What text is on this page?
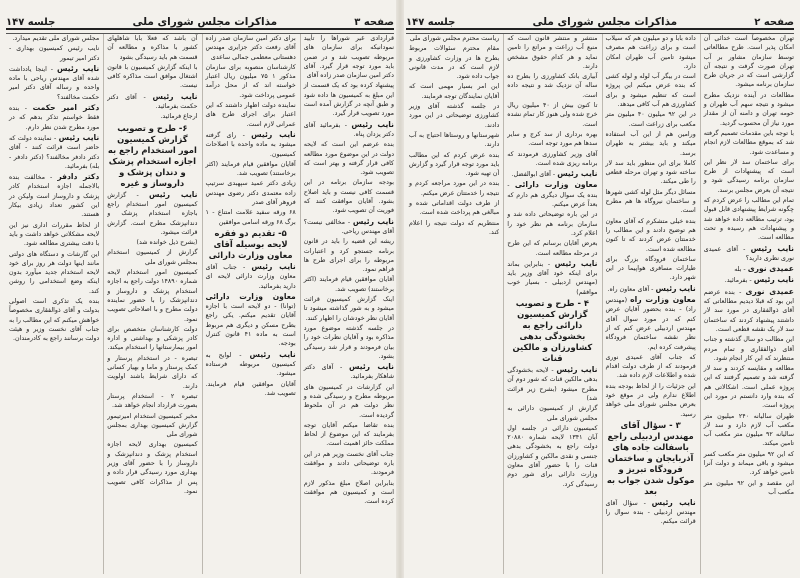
صفحه ۳
مذاکرات مجلس شورای ملی
جلسه ۱۴۷

قراردادی غیر شوراها را تأیید نمودانیکه برای سازمان های مربوطه تصویب شد و در ضمن باید مورد توجه قرار گیرد. آقای دکتر امین سازمان صدر زاده آقای

پیشنهاد کرده بود که یک قسمت از این مبلغ به کمیسیون ها داده شود و طبق آنچه در گزارش آمده است مورد تصویب قرار گیرد.

نایب رئیس - بفرمائید آقای دکتر یزدان پناه.

بنده عرضم این است که لایحه دولت در این موضوع مورد مطالعه کافی قرار گرفته و بهتر است که تصویب شود.

بودجه سازمان برنامه در این قسمت کافی نیست و باید اصلاح بشود. آقایان موافقت کنند که فوریت آن تصویب شود.

نایب رئیس - مخالفی نیست؟ آقای مهندس ریاحی.

ریشه این قضیه را باید در قانون برنامه جستجو کرد و اعتبارات مربوطه را برای اجرای طرح ها فراهم نمود.

آقایان موافقین قیام فرمایند (اکثر برخاستند) تصویب شد.

اینک گزارش کمیسیون قرائت میشود و به شور گذاشته میشود تا آقایان نظر خودشان را اظهار کنند.

در جلسه گذشته موضوع مورد مذاکره بود و آقایان نظرات خود را بیان فرمودند و قرار شد رسیدگی بشود.

نایب رئیس - آقای دکتر شاهکار بفرمائید.

این گزارشات در کمیسیون های مربوطه مطرح و رسیدگی شده و نظر دولت هم در آن ملحوظ گردیده است.

بنده تقاضا میکنم آقایان توجه بفرمایند که این موضوع از لحاظ مملکت حائز اهمیت است.

جناب آقای نخست وزیر هم در این باره توضیحاتی دادند و موافقت فرمودند.

بنابراین اصلاح مبلغ مذکور لازم است و کمیسیون هم موافقت کرده است.

برای دکتر امین سازمان صدر زاده آقای رفعت دکتر جزایری مهندس دهستانی معظمی جمالی ساعدی

کارشناسان منصوبه برای سازمان مذکور ۱ ۷۵ میلیون ریال اعتبار خواسته اند که از محل درآمد عمومی پرداخت شود.

نماینده دولت اظهار داشتند که این اعتبار برای اجرای طرح های عمرانی لازم است.

نایب رئیس - رای گرفته میشود به ماده واحده با اصلاحات کمیسیون.

آقایان موافقین قیام فرمایند (اکثر برخاستند) تصویب شد.

زیادی دکتر عمید سپهبدی سرتیپ زاده معتمدی دکتر رضوی مهندس فروهر آقای صدر

۶۸ ورقه سفید علامت امتناع - ۱ برگ ۶۸ ورقه اسامی موافقین

۵- تقدیم دو فقره لایحه بوسیله آقای معاون وزارت دارائی

نایب رئیس - جناب آقای معاون وزارت دارائی لایحه ای دارید بفرمائید.

معاون وزارت دارائی (توانا) - دو لایحه است با اجازه آقایان تقدیم میکنم. یکی راجع بطرح مسکن و دیگری هم مربوط است به ماده ۴۱ قانون کنترل بودجه.

نایب رئیس - لوایح به کمیسیون مربوطه فرستاده میشود.

آقایان موافقین قیام فرمایند. تصویب شد.

آن باشد که فعلا بابا شاهلهای کشور با مذاکره و مطالعه آن قسمت هم باید رسیدگی بشود

با اینکه گزارش کمیسیون با قانون اشتغال موافق است مذاکره کافی نیست.

نایب رئیس - آقای دکتر حکمت بفرمائید.

ارجاع فرمائید.

۶- طرح و تصویب گزارش کمیسیون امور استخدام راجع به اجازه استخدام پزشک و دندان پزشک و داروساز و غیره

نایب رئیس - گزارش کمیسیون امور استخدام راجع باجازه استخدام پزشک و دندانپزشک مطرح است. گزارش قرائت میشود.

(بشرح ذیل خوانده شد)

گزارش از کمیسیون استخدام بمجلس شورای ملی

کمیسیون امور استخدام لایحه شماره ۱۴۸۹۰ دولت راجع به اجازه استخدام پزشک و داروساز و دندانپزشک را با حضور نماینده دولت مطرح و با اصلاحاتی تصویب نمود.

دولت کارشناسان متخصص برای کادر پزشکی و بهداشتی و اداره امور بیمارستانها را استخدام میکند.

تبصره - در استخدام پرستار و کمک پرستار و ماما و بهیار کسانی که دارای شرایط باشند اولویت دارند.

تبصره ۲ - استخدام پرستار بصورت قرارداد انجام خواهد شد.

مخبر کمیسیون استخدام امیرتیمور گزارش کمیسیون بهداری بمجلس شورای ملی

کمیسیون بهداری لایحه اجازه استخدام پزشک و دندانپزشک و داروساز را با حضور آقای وزیر بهداری مورد رسیدگی قرار داده و پس از مذاکرات کافی تصویب نمود.

مجلس شورای ملی تقدیم میدارد.

نایب رئیس کمیسیون بهداری - دکتر امیر تیمور

نایب رئیس - اینجا یادداشت شده آقای مهندس ریاحی با ماده واحده و رساله آقای دکتر امیر حکمت مخالفند؟

دکتر امیر حکمت - بنده فقط خواستم تذکر بدهم که در مورد مطرح شدن نظر دارم.

نایب رئیس - نماینده دولت که حاضر است قرائت کنند - آقای دکتر دادفر مخالفند؟ (دکتر دادفر - بله) بفرمائید.

دکتر دادفر - مخالفت بنده بالاجمله اجازه استخدام کادر پزشک و داروساز است ولیکن در این کشور تعداد زیادی بیکار هستند.

از لحاظ مقررات اداری نیز این لایحه مشکلاتی خواهد داشت و باید با دقت بیشتری مطالعه شود.

این گارشات و دستگاه های دولتی مانند اینها دولت هر روز برای خود لایحه استخدام جدید میآورد بدون اینکه وضع استخدامی را روشن کند.

بنده یک تذکری است اصولی بدولت و آقای ذوالفقاری مخصوصاً خواهش میکنم که این مطالب را به جناب آقای نخست وزیر و هیئت دولت برسانند راجع به کادرمندان.

صفحه ۲
مذاکرات مجلس شورای ملی
جلسه ۱۴۷

تهران مخصوصاً است خدائی آن امکان پذیر است. طرح مطالعاتی توسط سازمان مشاور بر آب تهران صورت گرفت و نتیجه آن گزارشی است که در جریان طرح سازمان برنامه میشود.

مطالعات در آینده نزدیک مطرح میشود و نتیجه سهم آب طهران و حومه تهران و دامنه آن از مقدار مورد نیاز آن محسوب گردید.

با توجه باین مقدمات تصمیم گرفته شد که بموقع مطالعات لازم انجام و مساعدت شود.

برای ساختمان سد لار نظر این است که پیشنهادات از طرح سازمان برنامه رسیدگی شود و نتیجه آن بعرض مجلس برسد.

تمام این مطالب را عرض کردم که چگونه شرایط پیشنهادی قابل قبول بود، ترتیب مطالعه داده خواهد شد و پیشنهادات هم رسیده و تحت مطالعه است.

نایب رئیس - آقای عمیدی نوری نظری دارید؟

عمیدی نوری - بله

نایب رئیس - بفرمائید.

عمیدی نوری - بنده عرضم این بود که قبلا دیدیم مطالعاتی که آقای ذوالفقاری در مورد سد لار داشتند پیشنهاد کردند که ساختمان سد لار یک نقشه قطعی است.

این مطالب دو سال گذشته و جناب آقای ذوالفقاری و تمام مردم منتظرند که این کار انجام شود.

مطالعه و مقایسه کردند و سد لار گرفته شد و تصمیم گرفتند که این پروژه عملی است. اشکالاتی هم که بنده وارد دانستم در مورد این پروژه است.

طهران سالیانه ۲۴۰ میلیون متر مکعب آب لازم دارد و سد لار سالیانه ۹۲ میلیون متر مکعب آب تامین میکند.

که این ۹۲ میلیون متر مکعب کسر میشود و باقی میماند و دولت آنرا تامین خواهد کرد.

این مقصد و این ۹۲ میلیون متر مکعب آب

داده بابا و دو میلیون هم که سیلاب است و برای زراعت هم مصرف میشود تامین آب طهران امکان دارد.

است در بیگر آب لوله و لوله کشی که بنده عرض میکنم این پروژه است که تنظیم میشود و برای کشاورزی هم آب کافی میدهد.

در این ۹۲ میلیون ۴۰ میلیون متر مکعب برای زراعت است.

ورامین هم از این آب استفاده میکند و باید بیشتر به طهران برسد.

کاملا برای این منظور باید سد لار ساخته شود و تهران مرحله قطعی را طی میکند.

مسائل دیگر مثل لوله کشی شهرها و ساختمان نیروگاه ها هم مطرح است.

بنده خیلی متشکرم که آقای معاون هم توضیح دادند و این مطالب را خدمتتان عرض کردند که تا کنون مطالعه شده است.

ساختمان فرودگاه بزرگ برای طیارات مسافری هواپیما در این شهر دارد.

نایب رئیس - آقای معاون راه.

معاون وزارت راه (مهندس راد) - بنده بحضور آقایان عرض کنم که در مورد سوال آقای مهندس اردبیلی عرض کنم که از نظر نقشه ساختمان فرودگاه پیشرفت کرده ایم.

که جناب آقای عمیدی نوری فرمودند که از طرف دولت اقدام شده و اطلاعات لازم داده شد.

این جزئیات را از لحاظ بودجه بنده اطلاع ندارم ولی در موقع خود بعرض مجلس شورای ملی خواهد رسید.

۳ - سؤال آقای مهندس اردبیلی راجع باسفالت جاده های آذربایجان و ساختمان فرودگاه تبریز و موکول شدن جواب به بعد

نایب رئیس - سؤال آقای مهندس اردبیلی - بنده سوال را قرائت میکنم.

منتشر و منتشر قانون است که منبع آب زراعت و مراتع را تامین نماید و هر کدام حقوق مشخص دارند.

آبیاری بانک کشاورزی را بطرح ده ساله آن نزدیک شد و نتیجه داده است.

تا کنون بیش از ۴۰ میلیون ریال خرج شده ولی هنوز کار تمام نشده است.

بهره برداری از سد کرج و سایر سدها هم مورد توجه است.

آقای وزیر کشاورزی فرمودند که برنامه ریزی شده است.

نایب رئیس - آقای ابوالفضل.

معاون وزارت دارائی - بنده یک سوال دیگری هم دارم که بعداً عرض میکنم.

در این باره توضیحاتی داده شد و سازمان برنامه هم نظر خود را اعلام کرد.

بعرض آقایان برسانم که این طرح در مرحله مطالعه است.

نایب رئیس - بنابراین بماند برای اینکه خود آقای وزیر باید (مهندس اردبیلی - بسیار خوب موافقم)

۴ - طرح و تصویب گزارش کمیسیون دارائی راجع به بخشودگی بدهی کشاورزان و مالکین قنات

نایب رئیس - لایحه بخشودگی بدهی مالکین قنات که شور دوم آن مطرح میشود (بشرح زیر قرائت شد)

گزارش از کمیسیون دارائی به مجلس شورای ملی

کمیسیون دارائی در جلسه اول آبان ۱۳۴۱ لایحه شماره ۲۰۸۸۰ دولت راجع به بخشودگی بدهی جنسی و نقدی مالکین و کشاورزان قنات را با حضور آقای معاون وزارت دارائی برای شور دوم رسیدگی کرد.

ریاست محترم مجلس شورای ملی

مقام محترم سئوالات مربوط بطرح ها در وزارت کشاورزی و لازم است که در مدت قانونی جواب داده شود.

این امر بسیار مهمی است که آقایان نمایندگان توجه فرمایند.

در جلسه گذشته آقای وزیر کشاورزی توضیحاتی در این مورد دادند.

شهرستانها و روستاها احتیاج به آب دارند.

بنده عرض کردم که این مطالب باید مورد توجه قرار گیرد و گزارش آن تهیه شود.

بنده در این مورد مراجعه کردم و نتیجه را خدمتتان عرض میکنم.

از طرف دولت اقداماتی شده و مبالغی هم پرداخت شده است.

منتظریم که دولت نتیجه را اعلام کند.
